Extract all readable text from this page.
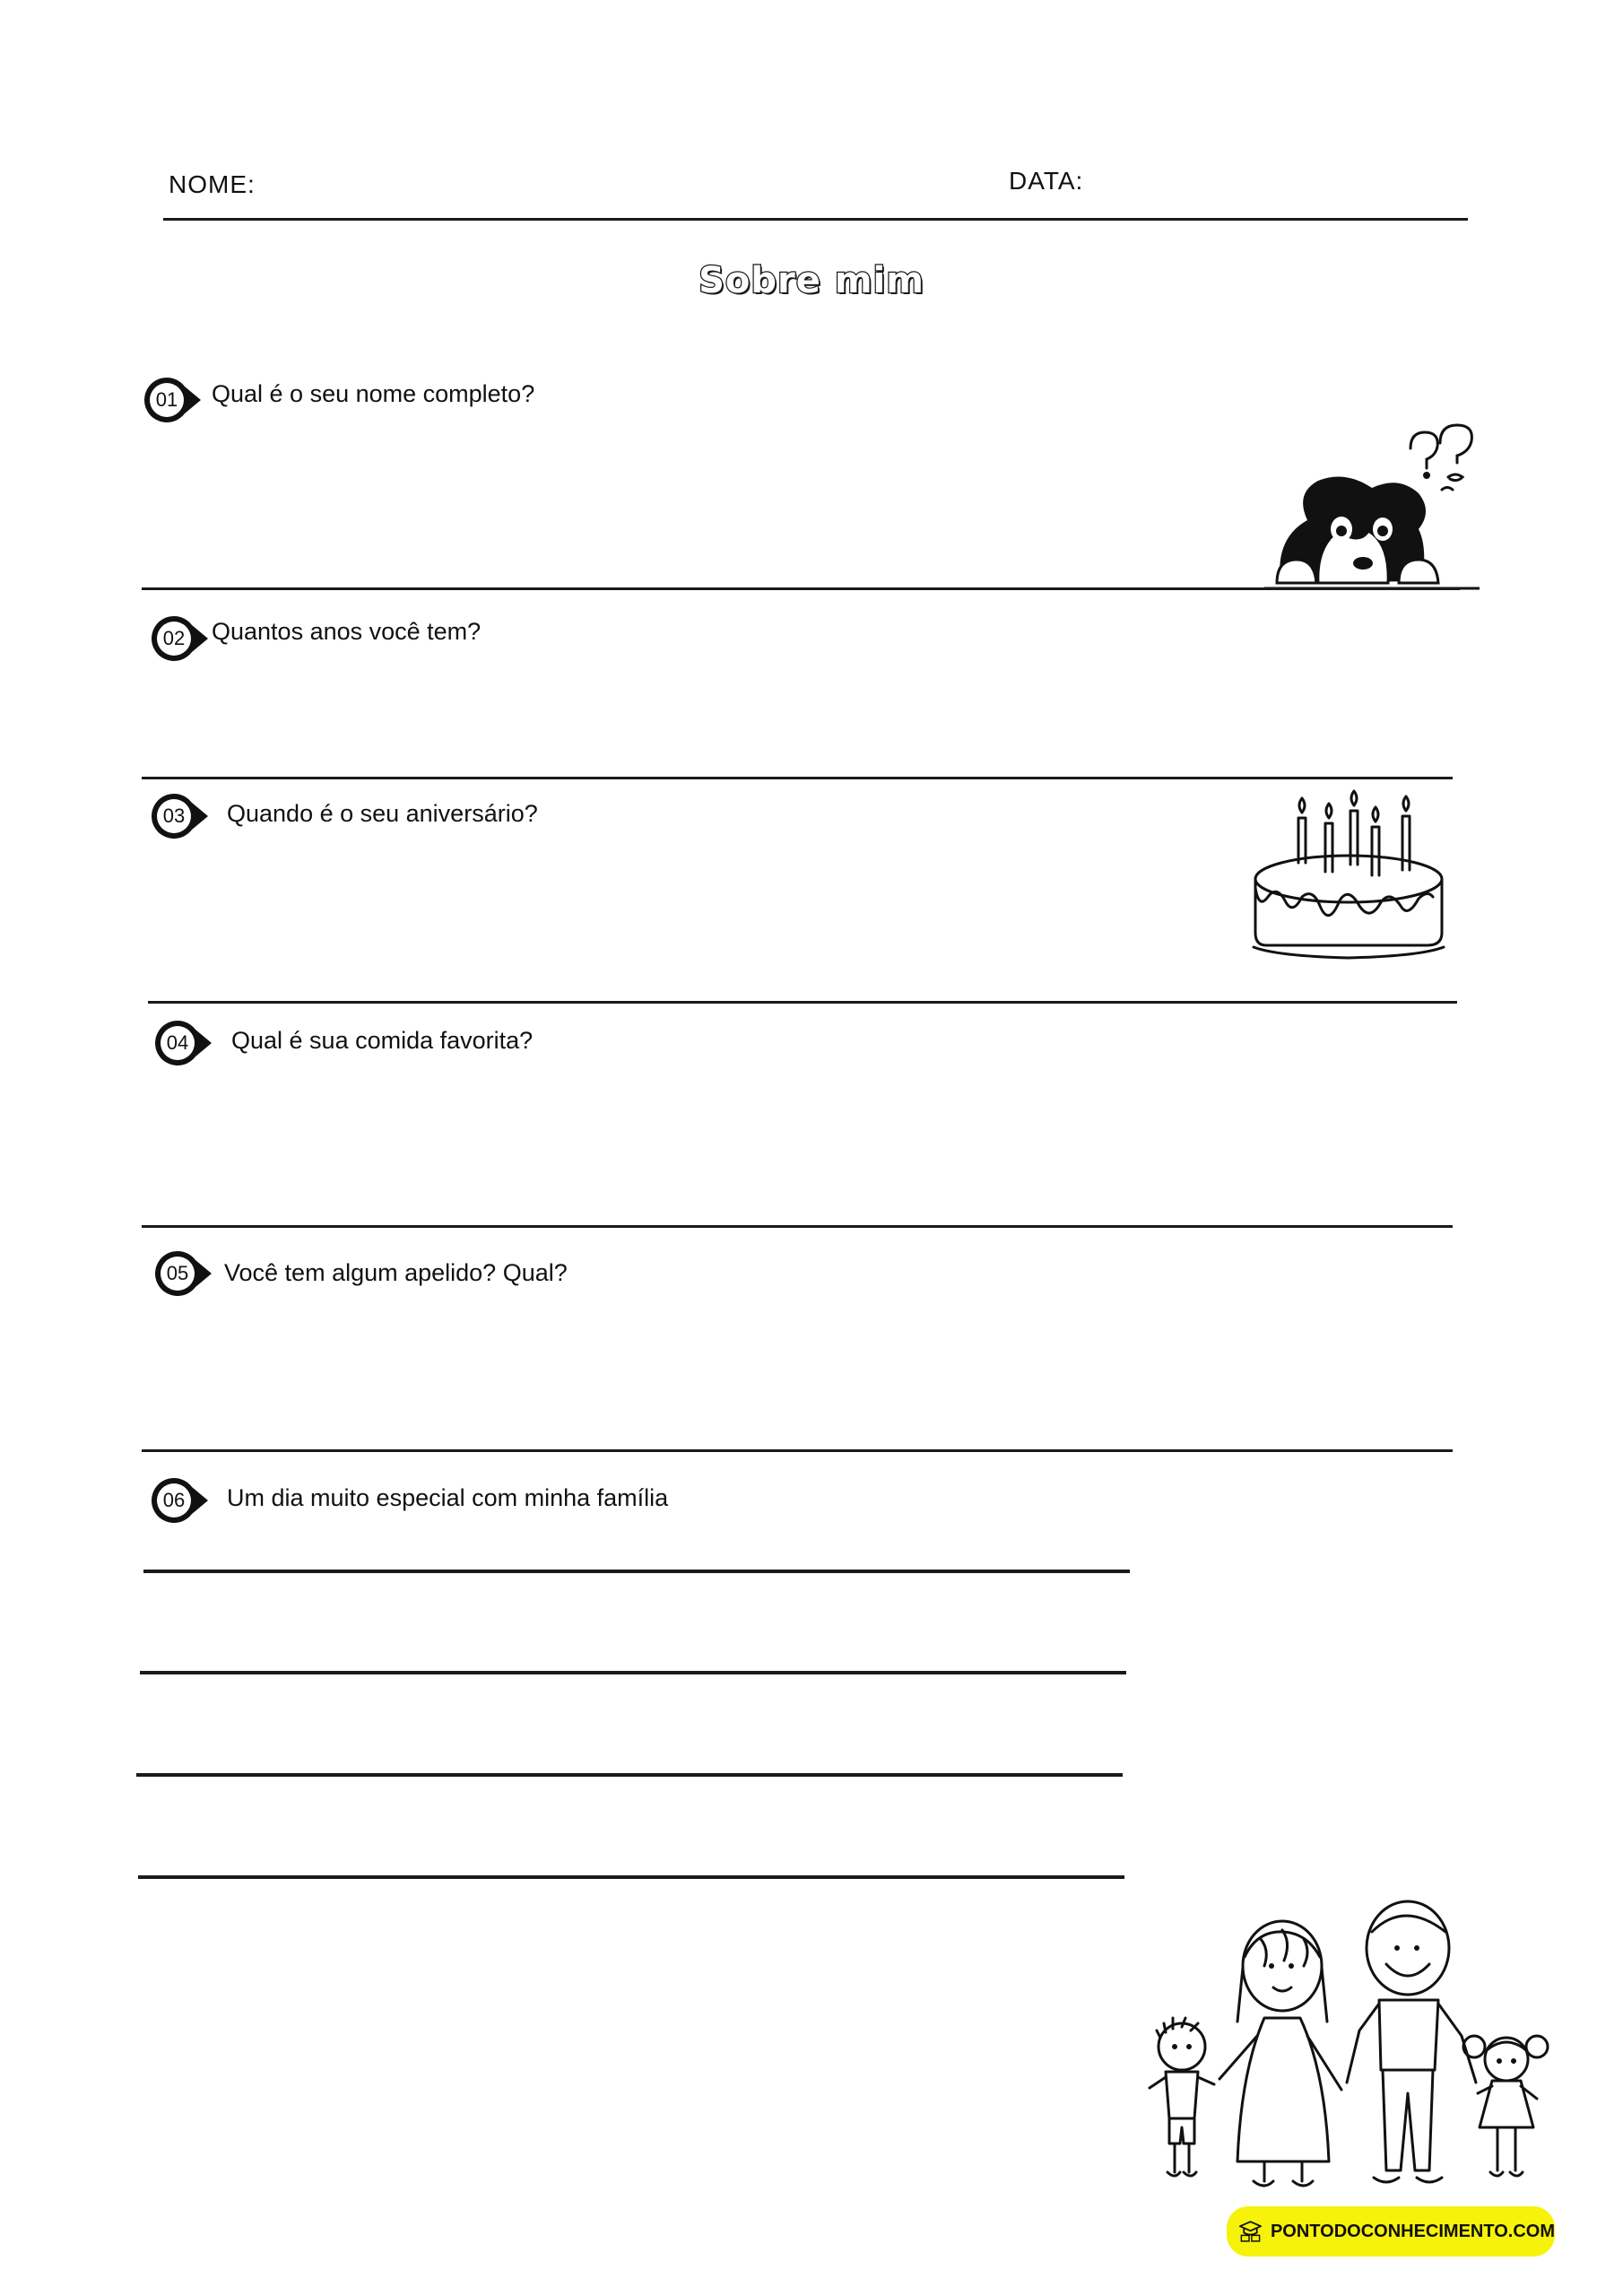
NOME:	DATA:
Sobre mim
01	Qual é o seu nome completo?
02	Quantos anos você tem?
03	Quando é o seu aniversário?
04	Qual é sua comida favorita?
05	Você tem algum apelido? Qual?
06	Um dia muito especial com minha família
PONTODOCONHECIMENTO.COM
